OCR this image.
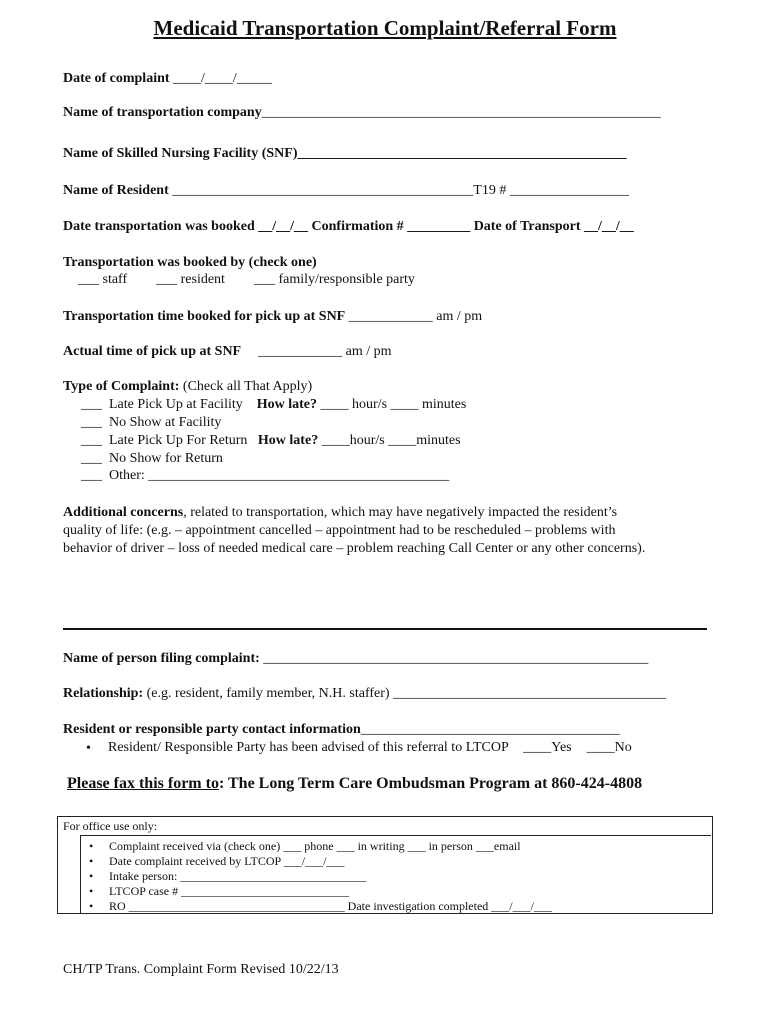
Medicaid Transportation Complaint/Referral Form
Date of complaint ____/____/_____
Name of transportation company_________________________________________________________
Name of Skilled Nursing Facility (SNF)_______________________________________________
Name of Resident ___________________________________________T19 # _________________
Date transportation was booked __/__/__ Confirmation # _________ Date of Transport __/__/__
Transportation was booked by (check one)
___ staff ___ resident ___ family/responsible party
Transportation time booked for pick up at SNF ____________ am / pm
Actual time of pick up at SNF ____________ am / pm
Type of Complaint: (Check all That Apply)
___ Late Pick Up at Facility How late? ____ hour/s ____ minutes
___ No Show at Facility
___ Late Pick Up For Return How late? ____hour/s ____minutes
___ No Show for Return
___ Other: ___________________________________________
Additional concerns, related to transportation, which may have negatively impacted the resident’s
quality of life: (e.g. – appointment cancelled – appointment had to be rescheduled – problems with
behavior of driver – loss of needed medical care – problem reaching Call Center or any other concerns).
Name of person filing complaint: _______________________________________________________
Relationship: (e.g. resident, family member, N.H. staffer) _______________________________________
Resident or responsible party contact information_____________________________________
• Resident/ Responsible Party has been advised of this referral to LTCOP ____Yes ____No
Please fax this form to: The Long Term Care Ombudsman Program at 860-424-4808
For office use only:
• Complaint received via (check one) ___ phone ___ in writing ___ in person ___email
• Date complaint received by LTCOP ___/___/___
• Intake person: _______________________________
• LTCOP case # ____________________________
• RO ____________________________________ Date investigation completed ___/___/___
CH/TP Trans. Complaint Form Revised 10/22/13
